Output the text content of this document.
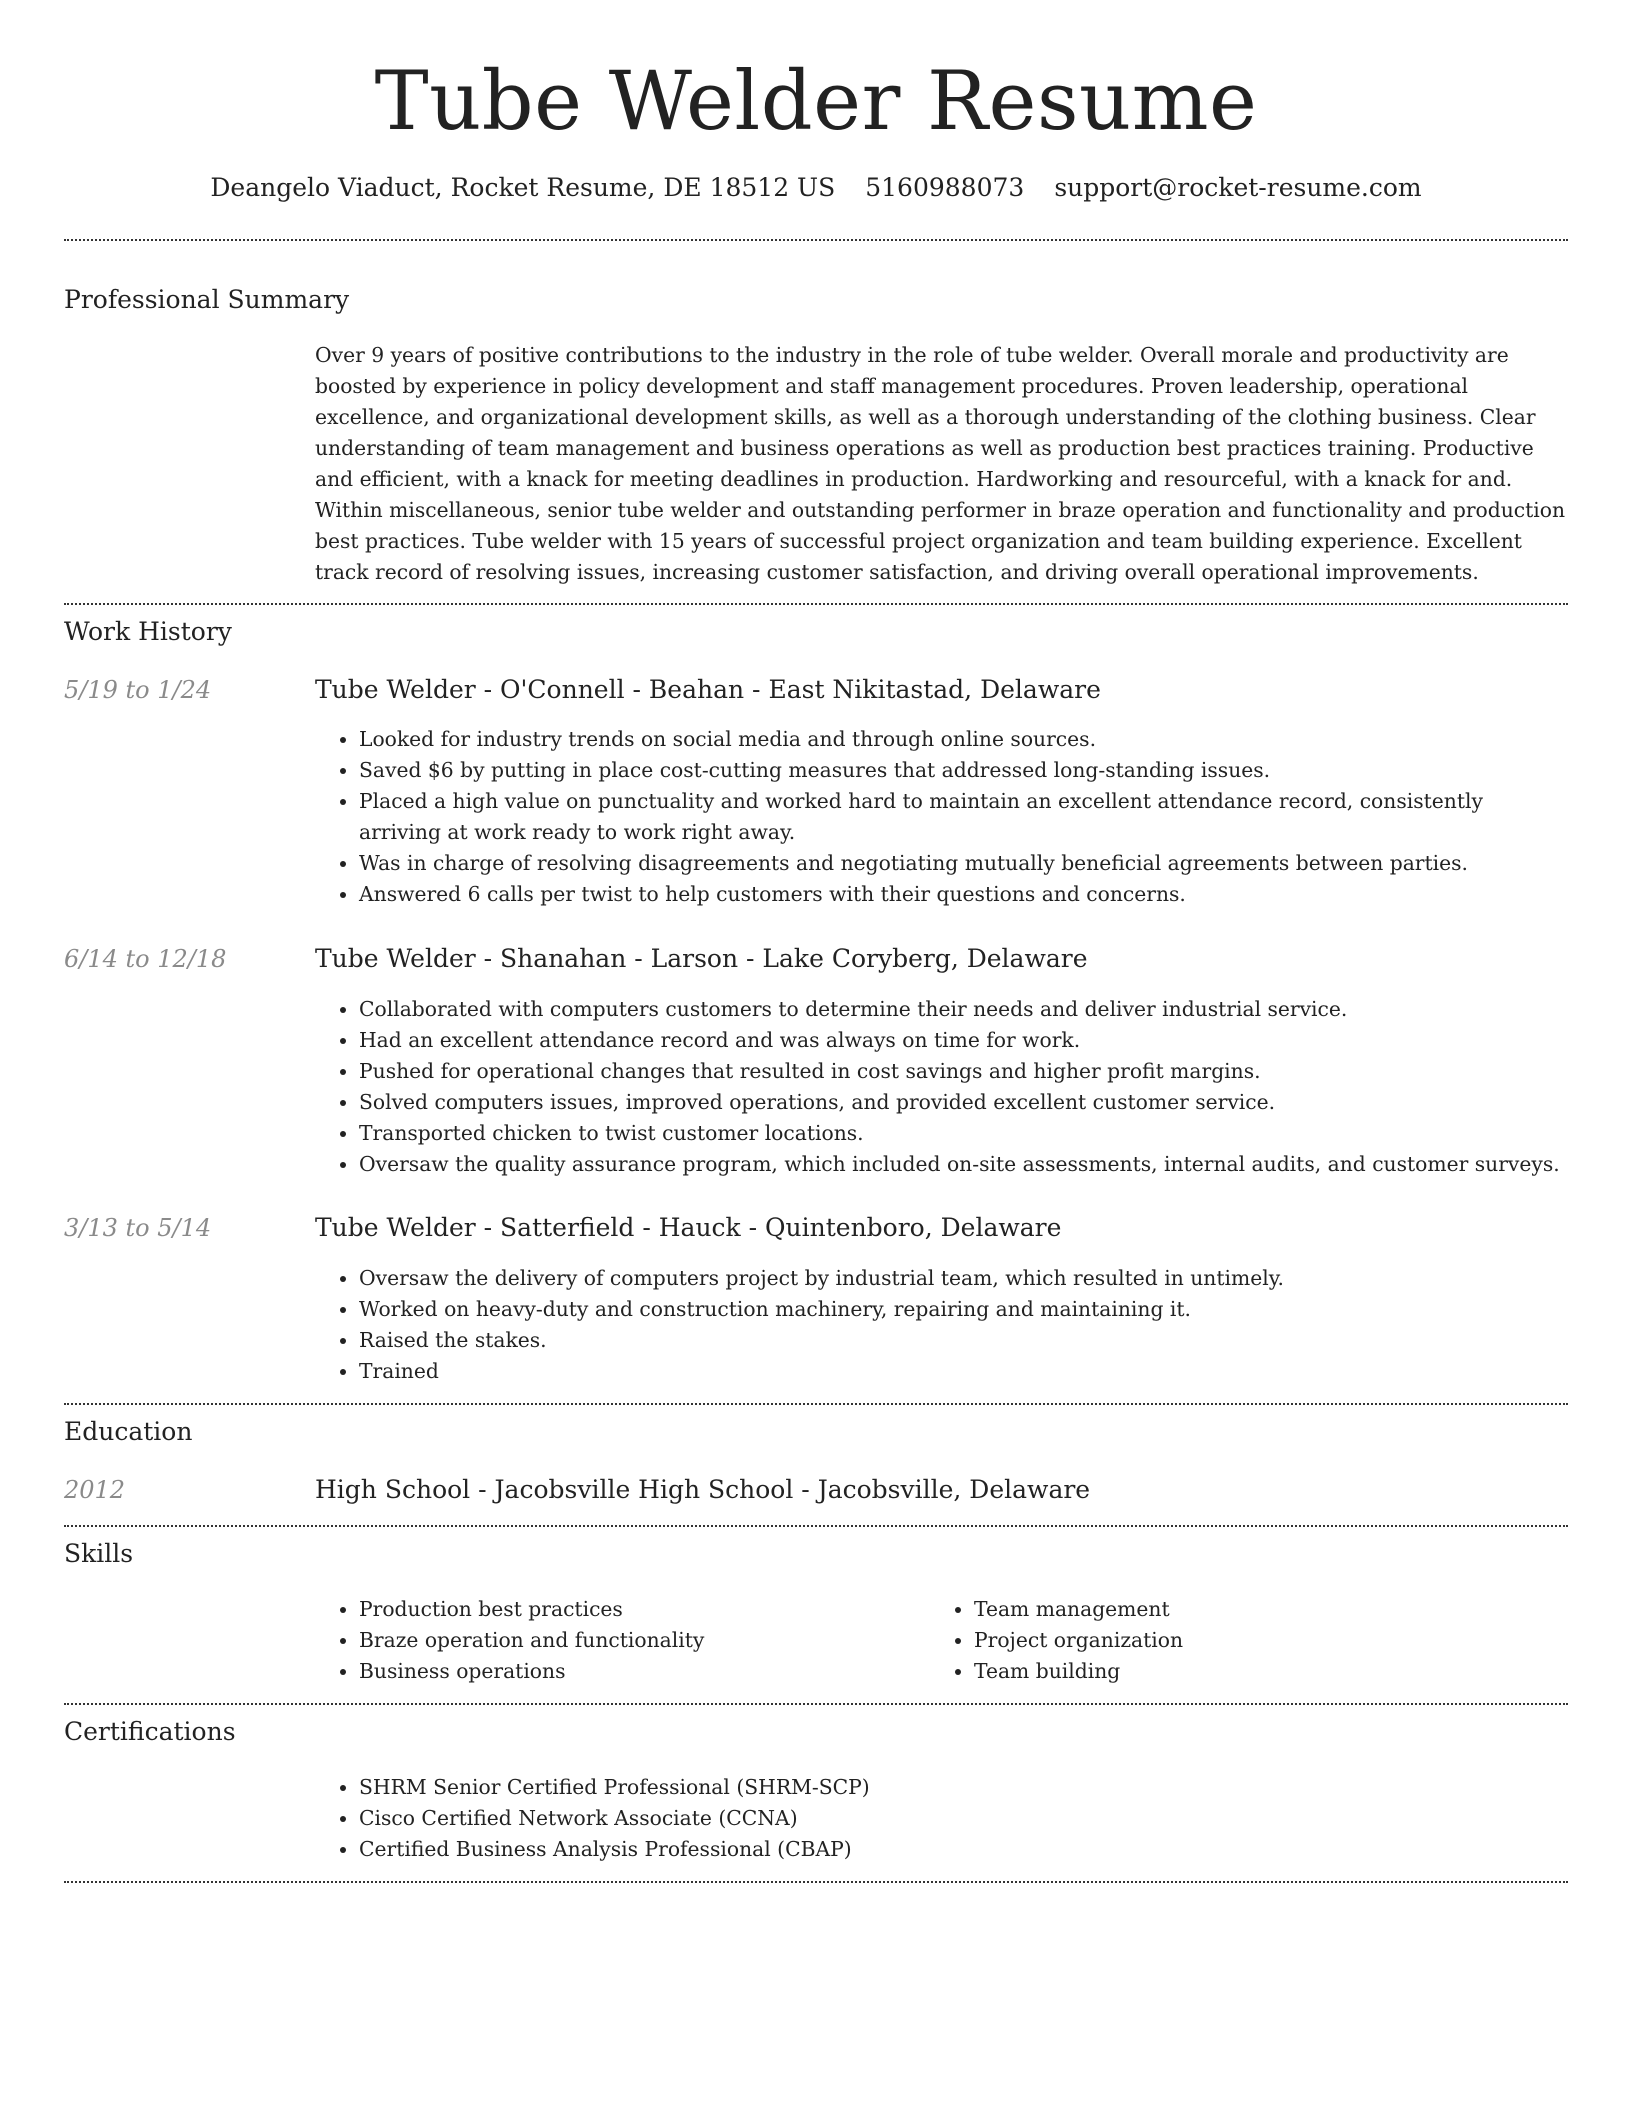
Tube Welder Resume
Deangelo Viaduct, Rocket Resume, DE 18512 US 5160988073 support@rocket-resume.com
Professional Summary

Over 9 years of positive contributions to the industry in the role of tube welder. Overall morale and productivity are boosted by experience in policy development and staff management procedures. Proven leadership, operational excellence, and organizational development skills, as well as a thorough understanding of the clothing business. Clear understanding of team management and business operations as well as production best practices training. Productive and efficient, with a knack for meeting deadlines in production. Hardworking and resourceful, with a knack for and. Within miscellaneous, senior tube welder and outstanding performer in braze operation and functionality and production best practices. Tube welder with 15 years of successful project organization and team building experience. Excellent track record of resolving issues, increasing customer satisfaction, and driving overall operational improvements.

Work History
5/19 to 1/24	Tube Welder - O'Connell - Beahan - East Nikitastad, Delaware
• Looked for industry trends on social media and through online sources.
• Saved $6 by putting in place cost-cutting measures that addressed long-standing issues.
• Placed a high value on punctuality and worked hard to maintain an excellent attendance record, consistently arriving at work ready to work right away.
• Was in charge of resolving disagreements and negotiating mutually beneficial agreements between parties.
• Answered 6 calls per twist to help customers with their questions and concerns.
6/14 to 12/18	Tube Welder - Shanahan - Larson - Lake Coryberg, Delaware
• Collaborated with computers customers to determine their needs and deliver industrial service.
• Had an excellent attendance record and was always on time for work.
• Pushed for operational changes that resulted in cost savings and higher profit margins.
• Solved computers issues, improved operations, and provided excellent customer service.
• Transported chicken to twist customer locations.
• Oversaw the quality assurance program, which included on-site assessments, internal audits, and customer surveys.
3/13 to 5/14	Tube Welder - Satterfield - Hauck - Quintenboro, Delaware
• Oversaw the delivery of computers project by industrial team, which resulted in untimely.
• Worked on heavy-duty and construction machinery, repairing and maintaining it.
• Raised the stakes.
• Trained
Education
2012	High School - Jacobsville High School - Jacobsville, Delaware
Skills
• Production best practices
• Braze operation and functionality
• Business operations
• Team management
• Project organization
• Team building
Certifications
• SHRM Senior Certified Professional (SHRM-SCP)
• Cisco Certified Network Associate (CCNA)
• Certified Business Analysis Professional (CBAP)
